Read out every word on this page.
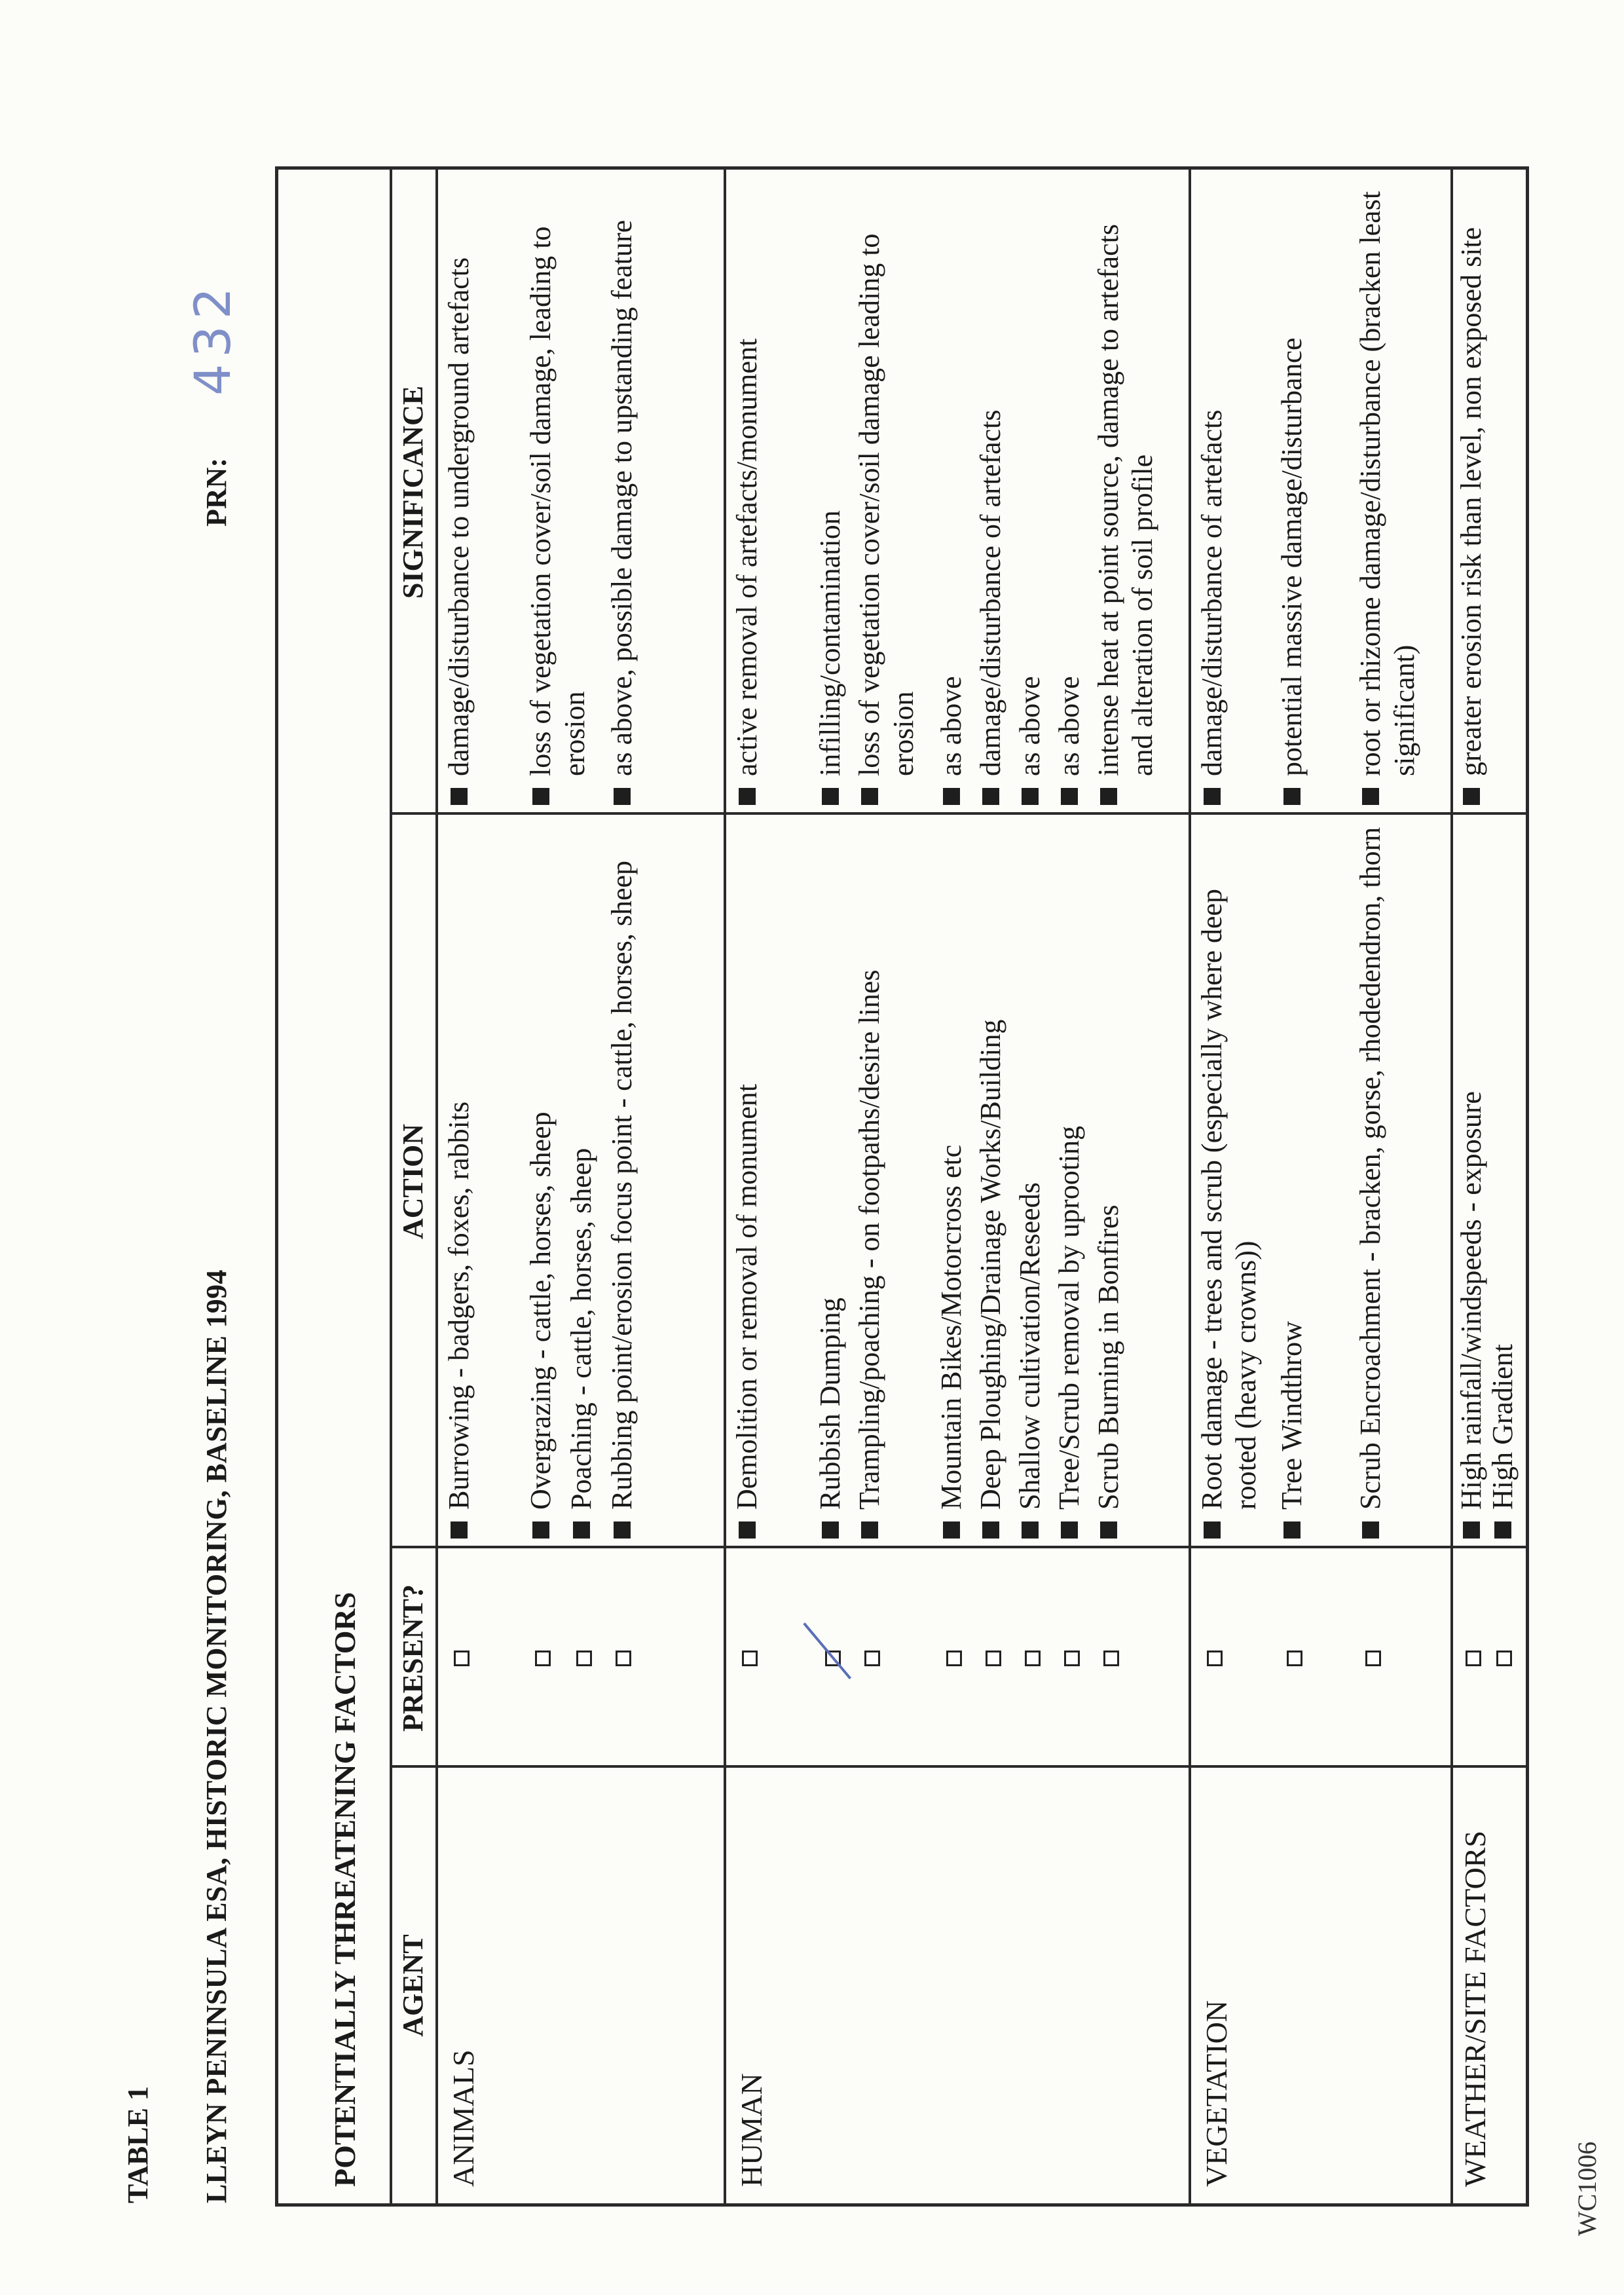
TABLE 1 LLEYN PENINSULA ESA, HISTORIC MONITORING, BASELINE 1994
PRN:
432
POTENTIALLY THREATENING FACTORS AGENT
PRESENT?
ACTION
SIGNIFICANCE
ANIMALS
Burrowing - badgers, foxes, rabbits Overgrazing - cattle, horses, sheep Poaching - cattle, horses, sheep Rubbing point/erosion focus point - cattle, horses, sheep
damage/disturbance to underground artefacts loss of vegetation cover/soil damage, leading to erosion as above, possible damage to upstanding feature
HUMAN
Demolition or removal of monument Rubbish Dumping Trampling/poaching - on footpaths/desire lines Mountain Bikes/Motorcross etc Deep Ploughing/Drainage Works/Building Shallow cultivation/Reseeds Tree/Scrub removal by uprooting Scrub Burning in Bonfires
active removal of artefacts/monument infilling/contamination loss of vegetation cover/soil damage leading to erosion as above damage/disturbance of artefacts as above as above intense heat at point source, damage to artefacts and alteration of soil profile
VEGETATION
Root damage - trees and scrub (especially where deep rooted (heavy crowns)) Tree Windthrow Scrub Encroachment - bracken, gorse, rhodedendron, thorn
damage/disturbance of artefacts potential massive damage/disturbance root or rhizome damage/disturbance (bracken least significant)
WEATHER/SITE FACTORS
High rainfall/windspeeds - exposure High Gradient
greater erosion risk than level, non exposed site
WC1006
